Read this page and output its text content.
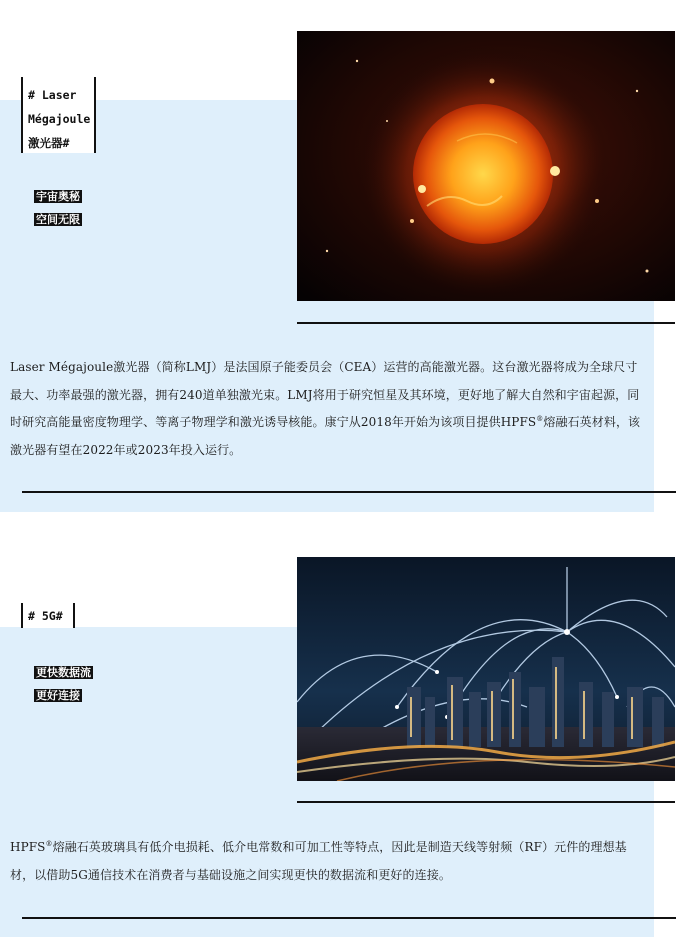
# Laser
Mégajoule
激光器#
宇宙奥秘
空间无限

Laser Mégajoule激光器（简称LMJ）是法国原子能委员会（CEA）运营的高能激光器。这台激光器将成为全球尺寸最大、功率最强的激光器，拥有240道单独激光束。LMJ将用于研究恒星及其环境，更好地了解大自然和宇宙起源，同时研究高能量密度物理学、等离子物理学和激光诱导核能。康宁从2018年开始为该项目提供HPFS®熔融石英材料，该激光器有望在2022年或2023年投入运行。

# 5G#
更快数据流
更好连接

HPFS®熔融石英玻璃具有低介电损耗、低介电常数和可加工性等特点，因此是制造天线等射频（RF）元件的理想基材，以借助5G通信技术在消费者与基础设施之间实现更快的数据流和更好的连接。
